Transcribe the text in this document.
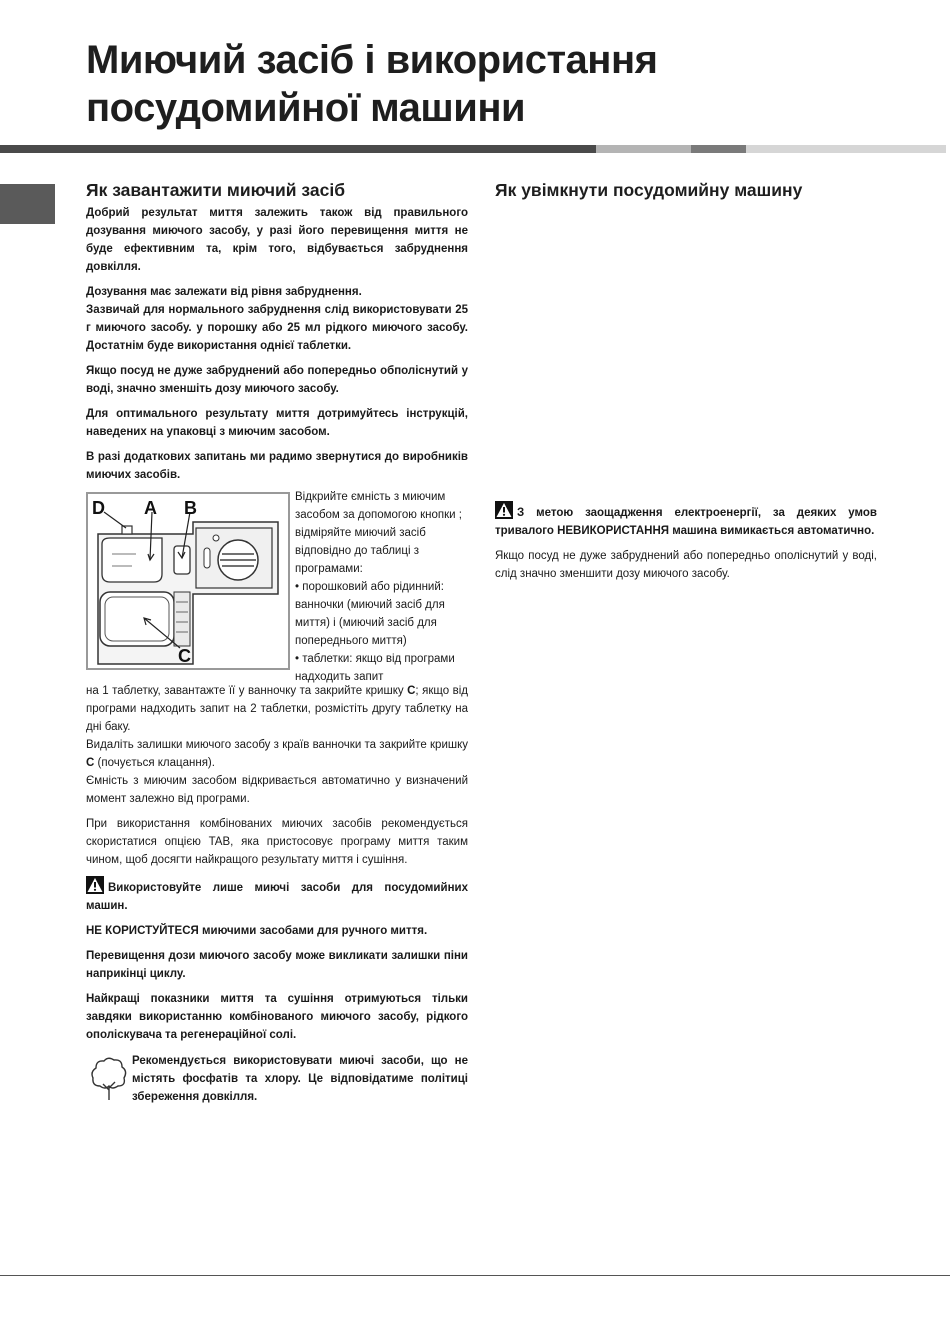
Миючий засіб і використання
посудомийної машини
Як завантажити миючий засіб

Добрий результат миття залежить також від правильного дозування миючого засобу, у разі його перевищення миття не буде ефективним та, крім того, відбувається забруднення довкілля.

Дозування має залежати від рівня забруднення.

Зазвичай для нормального забруднення слід використовувати 25 г миючого засобу. у порошку або 25 мл рідкого миючого засобу. Достатнім буде використання однієї таблетки.

Якщо посуд не дуже забруднений або попередньо обполіснутий у воді, значно зменшіть дозу миючого засобу.

Для оптимального результату миття дотримуйтесь інструкцій, наведених на упаковці з миючим засобом.

В разі додаткових запитань ми радимо звернутися до виробників миючих засобів.

D A B
C

Відкрийте ємність з миючим засобом за допомогою кнопки ; відміряйте миючий засіб відповідно до таблиці з програмами:

• порошковий або рідинний: ванночки (миючий засіб для миття) і (миючий засіб для попереднього миття)

• таблетки: якщо від програми надходить запит

на 1 таблетку, завантажте її у ванночку та закрийте кришку C; якщо від програми надходить запит на 2 таблетки, розмістіть другу таблетку на дні баку.

Видаліть залишки миючого засобу з країв ванночки та закрийте кришку C (почується клацання).

Ємність з миючим засобом відкривається автоматично у визначений момент залежно від програми.

При використання комбінованих миючих засобів рекомендується скористатися опцією TAB, яка пристосовує програму миття таким чином, щоб досягти найкращого результату миття і сушіння.

Використовуйте лише миючі засоби для посудомийних машин.

НЕ КОРИСТУЙТЕСЯ миючими засобами для ручного миття.

Перевищення дози миючого засобу може викликати залишки піни наприкінці циклу.

Найкращі показники миття та сушіння отримуються тільки завдяки використанню комбінованого миючого засобу, рідкого ополіскувача та регенераційної солі.

Рекомендується використовувати миючі засоби, що не містять фосфатів та хлору. Це відповідатиме політиці збереження довкілля.

Як увімкнути посудомийну машину

З метою заощадження електроенергії, за деяких умов тривалого НЕВИКОРИСТАННЯ машина вимикається автоматично.

Якщо посуд не дуже забруднений або попередньо ополіснутий у воді, слід значно зменшити дозу миючого засобу.
